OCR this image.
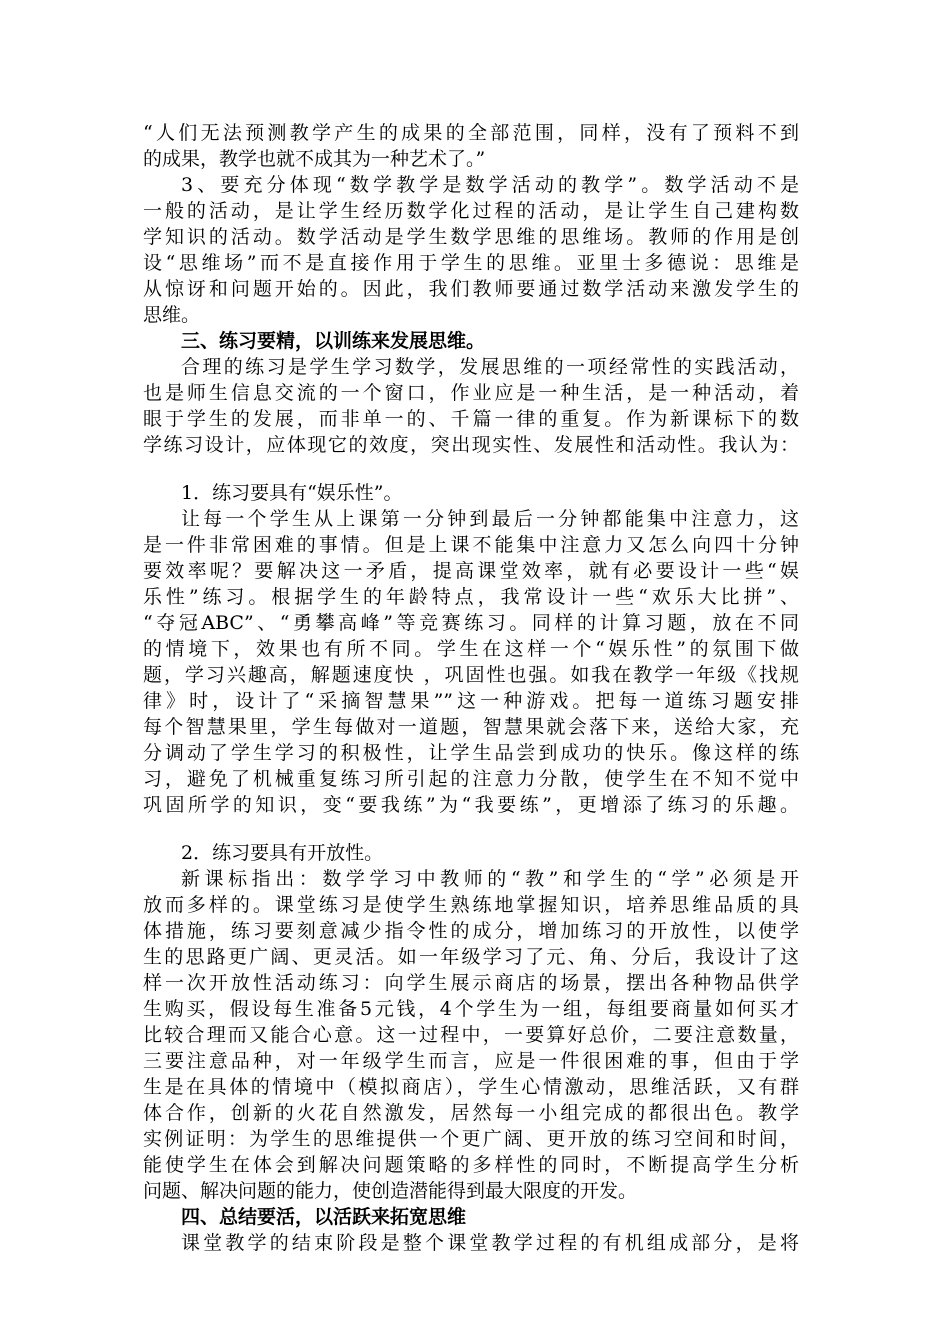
“人们无法预测教学产生的成果的全部范围，同样，没有了预料不到
的成果，教学也就不成其为一种艺术了。”
3、要充分体现“数学教学是数学活动的教学”。数学活动不是
一般的活动，是让学生经历数学化过程的活动，是让学生自己建构数
学知识的活动。数学活动是学生数学思维的思维场。教师的作用是创
设“思维场”而不是直接作用于学生的思维。亚里士多德说：思维是
从惊讶和问题开始的。因此，我们教师要通过数学活动来激发学生的
思维。
三、练习要精，以训练来发展思维。
合理的练习是学生学习数学，发展思维的一项经常性的实践活动，
也是师生信息交流的一个窗口，作业应是一种生活，是一种活动，着
眼于学生的发展，而非单一的、千篇一律的重复。作为新课标下的数
学练习设计，应体现它的效度，突出现实性、发展性和活动性。我认为：
1．练习要具有“娱乐性”。
让每一个学生从上课第一分钟到最后一分钟都能集中注意力，这
是一件非常困难的事情。但是上课不能集中注意力又怎么向四十分钟
要效率呢？要解决这一矛盾，提高课堂效率，就有必要设计一些“娱
乐性”练习。根据学生的年龄特点，我常设计一些“欢乐大比拼”、
“夺冠ABC”、“勇攀高峰”等竞赛练习。同样的计算习题，放在不同
的情境下，效果也有所不同。学生在这样一个“娱乐性”的氛围下做
题，学习兴趣高，解题速度快 ，巩固性也强。如我在教学一年级《找规
律》时，设计了“采摘智慧果””这一种游戏。把每一道练习题安排
每个智慧果里，学生每做对一道题，智慧果就会落下来，送给大家，充
分调动了学生学习的积极性，让学生品尝到成功的快乐。像这样的练
习，避免了机械重复练习所引起的注意力分散，使学生在不知不觉中
巩固所学的知识，变“要我练”为“我要练”，更增添了练习的乐趣。
2．练习要具有开放性。
新课标指出：数学学习中教师的“教”和学生的“学”必须是开
放而多样的。课堂练习是使学生熟练地掌握知识，培养思维品质的具
体措施，练习要刻意减少指令性的成分，增加练习的开放性，以使学
生的思路更广阔、更灵活。如一年级学习了元、角、分后，我设计了这
样一次开放性活动练习：向学生展示商店的场景，摆出各种物品供学
生购买，假设每生准备5元钱，4个学生为一组，每组要商量如何买才
比较合理而又能合心意。这一过程中，一要算好总价，二要注意数量，
三要注意品种，对一年级学生而言，应是一件很困难的事，但由于学
生是在具体的情境中（模拟商店），学生心情激动，思维活跃，又有群
体合作，创新的火花自然激发，居然每一小组完成的都很出色。教学
实例证明：为学生的思维提供一个更广阔、更开放的练习空间和时间，
能使学生在体会到解决问题策略的多样性的同时，不断提高学生分析
问题、解决问题的能力，使创造潜能得到最大限度的开发。
四、总结要活，以活跃来拓宽思维
课堂教学的结束阶段是整个课堂教学过程的有机组成部分，是将
